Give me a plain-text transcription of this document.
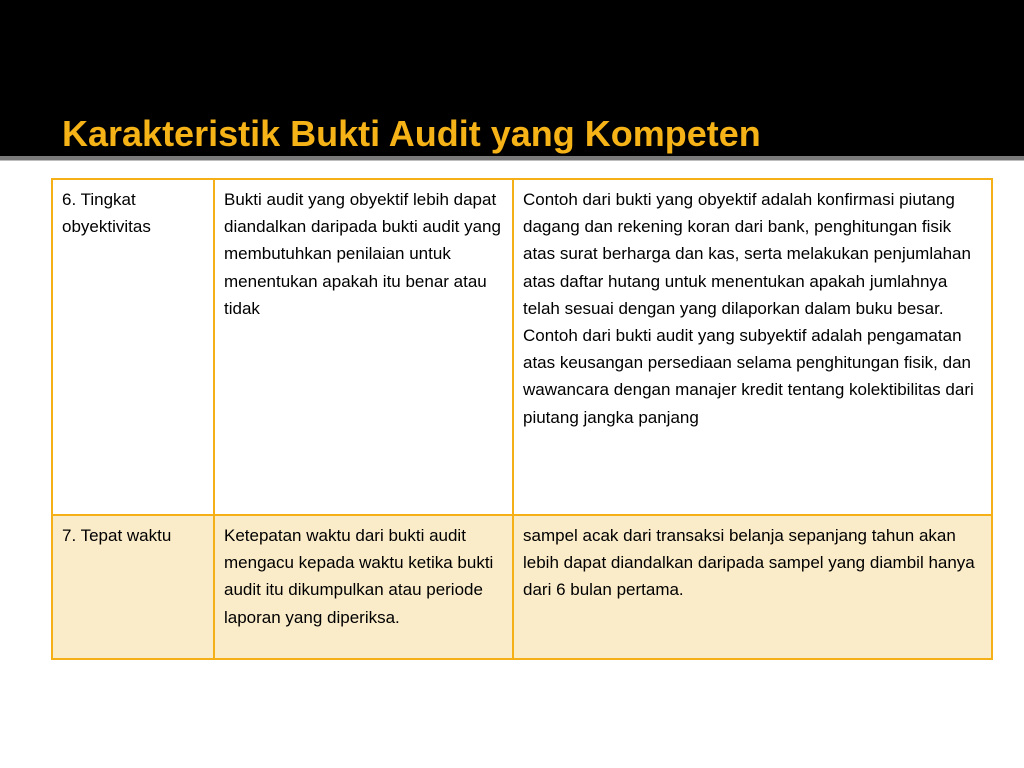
Karakteristik Bukti Audit yang Kompeten
6. Tingkat obyektivitas	Bukti audit yang obyektif lebih dapat diandalkan daripada bukti audit yang membutuhkan penilaian untuk menentukan apakah itu benar atau tidak	Contoh dari bukti yang obyektif adalah konfirmasi piutang dagang dan rekening koran dari bank, penghitungan fisik atas surat berharga dan kas, serta melakukan penjumlahan atas daftar hutang untuk menentukan apakah jumlahnya telah sesuai dengan yang dilaporkan dalam buku besar.
Contoh dari bukti audit yang subyektif adalah pengamatan atas keusangan persediaan selama penghitungan fisik, dan wawancara dengan manajer kredit tentang kolektibilitas dari piutang jangka panjang

7. Tepat waktu	Ketepatan waktu dari bukti audit mengacu kepada waktu ketika bukti audit itu dikumpulkan atau periode laporan yang diperiksa.	sampel acak dari transaksi belanja sepanjang tahun akan lebih dapat diandalkan daripada sampel yang diambil hanya dari 6 bulan pertama.
